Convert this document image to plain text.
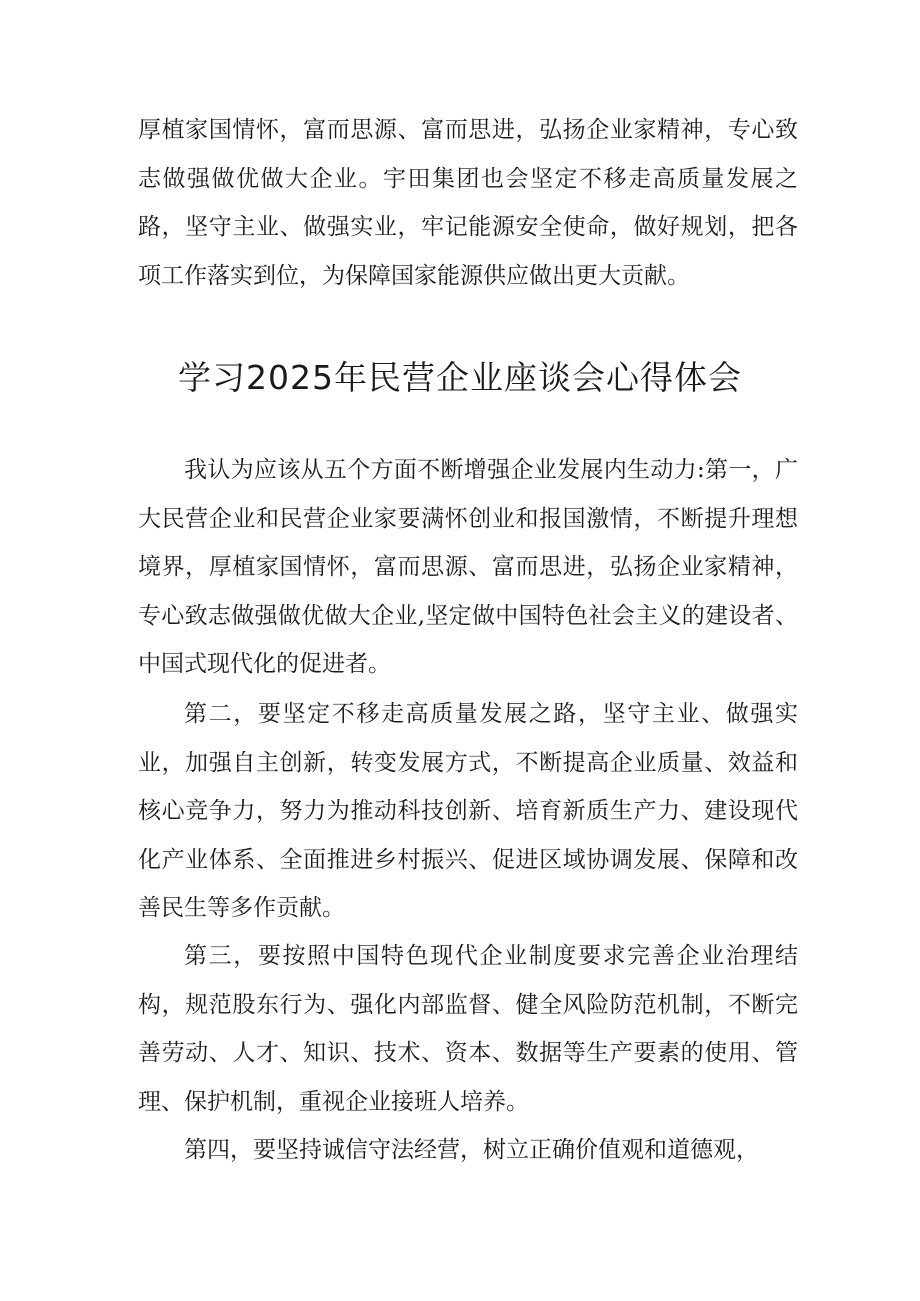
厚植家国情怀，富而思源、富而思进，弘扬企业家精神，专心致志做强做优做大企业。宇田集团也会坚定不移走高质量发展之路，坚守主业、做强实业，牢记能源安全使命，做好规划，把各项工作落实到位，为保障国家能源供应做出更大贡献。

学习2025年民营企业座谈会心得体会

我认为应该从五个方面不断增强企业发展内生动力:第一，广大民营企业和民营企业家要满怀创业和报国激情，不断提升理想境界，厚植家国情怀，富而思源、富而思进，弘扬企业家精神，专心致志做强做优做大企业,坚定做中国特色社会主义的建设者、中国式现代化的促进者。

第二，要坚定不移走高质量发展之路，坚守主业、做强实业，加强自主创新，转变发展方式，不断提高企业质量、效益和核心竞争力，努力为推动科技创新、培育新质生产力、建设现代化产业体系、全面推进乡村振兴、促进区域协调发展、保障和改善民生等多作贡献。

第三，要按照中国特色现代企业制度要求完善企业治理结构，规范股东行为、强化内部监督、健全风险防范机制，不断完善劳动、人才、知识、技术、资本、数据等生产要素的使用、管理、保护机制，重视企业接班人培养。

第四，要坚持诚信守法经营，树立正确价值观和道德观，
